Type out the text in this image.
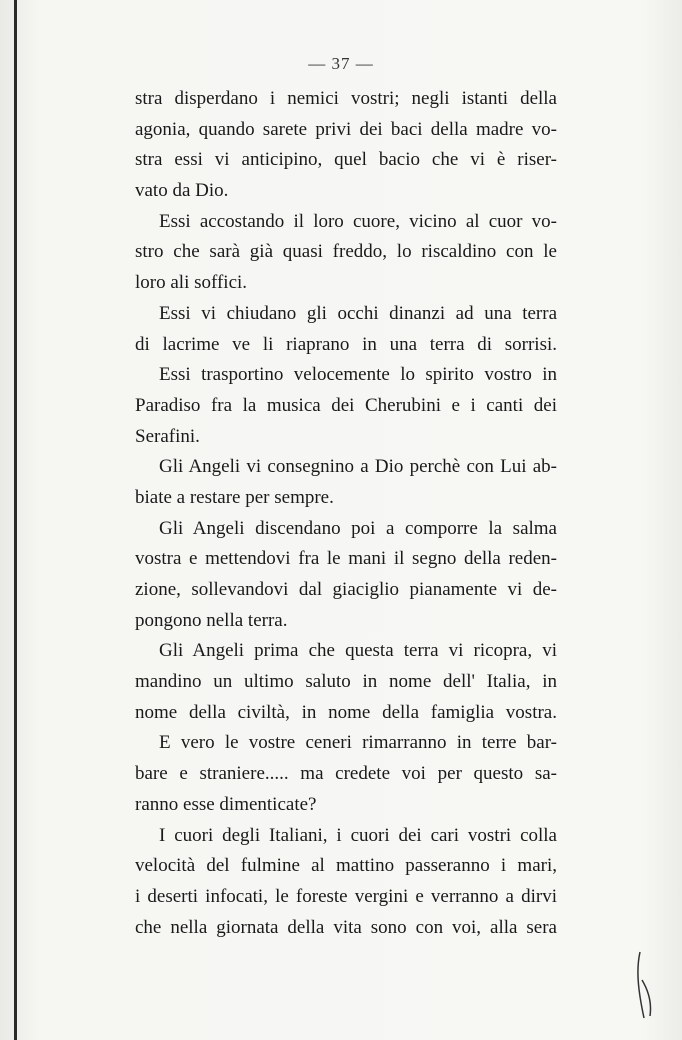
— 37 —
stra disperdano i nemici vostri; negli istanti della
agonia, quando sarete privi dei baci della madre vo-
stra essi vi anticipino, quel bacio che vi è riser-
vato da Dio.
Essi accostando il loro cuore, vicino al cuor vo-
stro che sarà già quasi freddo, lo riscaldino con le
loro ali soffici.
Essi vi chiudano gli occhi dinanzi ad una terra
di lacrime ve li riaprano in una terra di sorrisi.
Essi trasportino velocemente lo spirito vostro in
Paradiso fra la musica dei Cherubini e i canti dei
Serafini.
Gli Angeli vi consegnino a Dio perchè con Lui ab-
biate a restare per sempre.
Gli Angeli discendano poi a comporre la salma
vostra e mettendovi fra le mani il segno della reden-
zione, sollevandovi dal giaciglio pianamente vi de-
pongono nella terra.
Gli Angeli prima che questa terra vi ricopra, vi
mandino un ultimo saluto in nome dell' Italia, in
nome della civiltà, in nome della famiglia vostra.
E vero le vostre ceneri rimarranno in terre bar-
bare e straniere..... ma credete voi per questo sa-
ranno esse dimenticate?
I cuori degli Italiani, i cuori dei cari vostri colla
velocità del fulmine al mattino passeranno i mari,
i deserti infocati, le foreste vergini e verranno a dirvi
che nella giornata della vita sono con voi, alla sera
